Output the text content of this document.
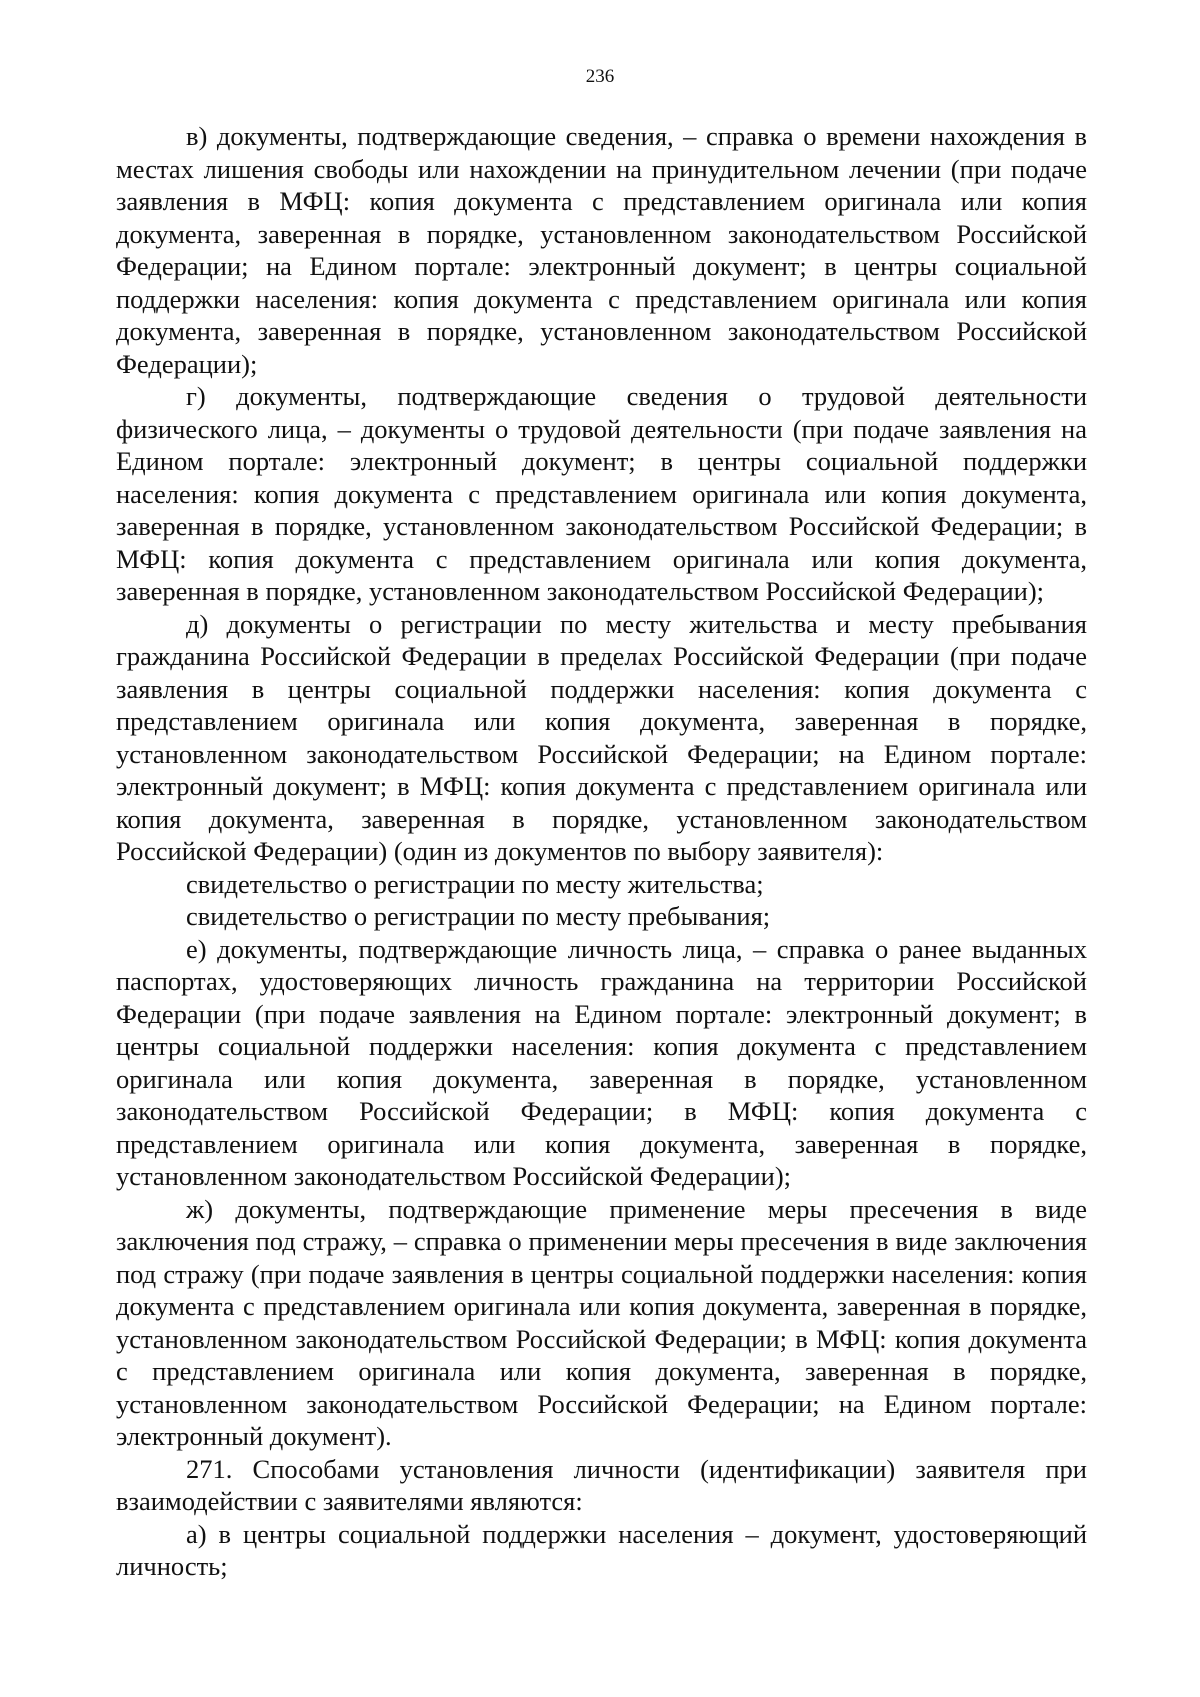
236

в) документы, подтверждающие сведения, – справка о времени нахождения в местах лишения свободы или нахождении на принудительном лечении (при подаче заявления в МФЦ: копия документа с представлением оригинала или копия документа, заверенная в порядке, установленном законодательством Российской Федерации; на Едином портале: электронный документ; в центры социальной поддержки населения: копия документа с представлением оригинала или копия документа, заверенная в порядке, установленном законодательством Российской Федерации);

г) документы, подтверждающие сведения о трудовой деятельности физического лица, – документы о трудовой деятельности (при подаче заявления на Едином портале: электронный документ; в центры социальной поддержки населения: копия документа с представлением оригинала или копия документа, заверенная в порядке, установленном законодательством Российской Федерации; в МФЦ: копия документа с представлением оригинала или копия документа, заверенная в порядке, установленном законодательством Российской Федерации);

д) документы о регистрации по месту жительства и месту пребывания гражданина Российской Федерации в пределах Российской Федерации (при подаче заявления в центры социальной поддержки населения: копия документа с представлением оригинала или копия документа, заверенная в порядке, установленном законодательством Российской Федерации; на Едином портале: электронный документ; в МФЦ: копия документа с представлением оригинала или копия документа, заверенная в порядке, установленном законодательством Российской Федерации) (один из документов по выбору заявителя):

свидетельство о регистрации по месту жительства;

свидетельство о регистрации по месту пребывания;

е) документы, подтверждающие личность лица, – справка о ранее выданных паспортах, удостоверяющих личность гражданина на территории Российской Федерации (при подаче заявления на Едином портале: электронный документ; в центры социальной поддержки населения: копия документа с представлением оригинала или копия документа, заверенная в порядке, установленном законодательством Российской Федерации; в МФЦ: копия документа с представлением оригинала или копия документа, заверенная в порядке, установленном законодательством Российской Федерации);

ж) документы, подтверждающие применение меры пресечения в виде заключения под стражу, – справка о применении меры пресечения в виде заключения под стражу (при подаче заявления в центры социальной поддержки населения: копия документа с представлением оригинала или копия документа, заверенная в порядке, установленном законодательством Российской Федерации; в МФЦ: копия документа с представлением оригинала или копия документа, заверенная в порядке, установленном законодательством Российской Федерации; на Едином портале: электронный документ).

271. Способами установления личности (идентификации) заявителя при взаимодействии с заявителями являются:

а) в центры социальной поддержки населения – документ, удостоверяющий личность;
